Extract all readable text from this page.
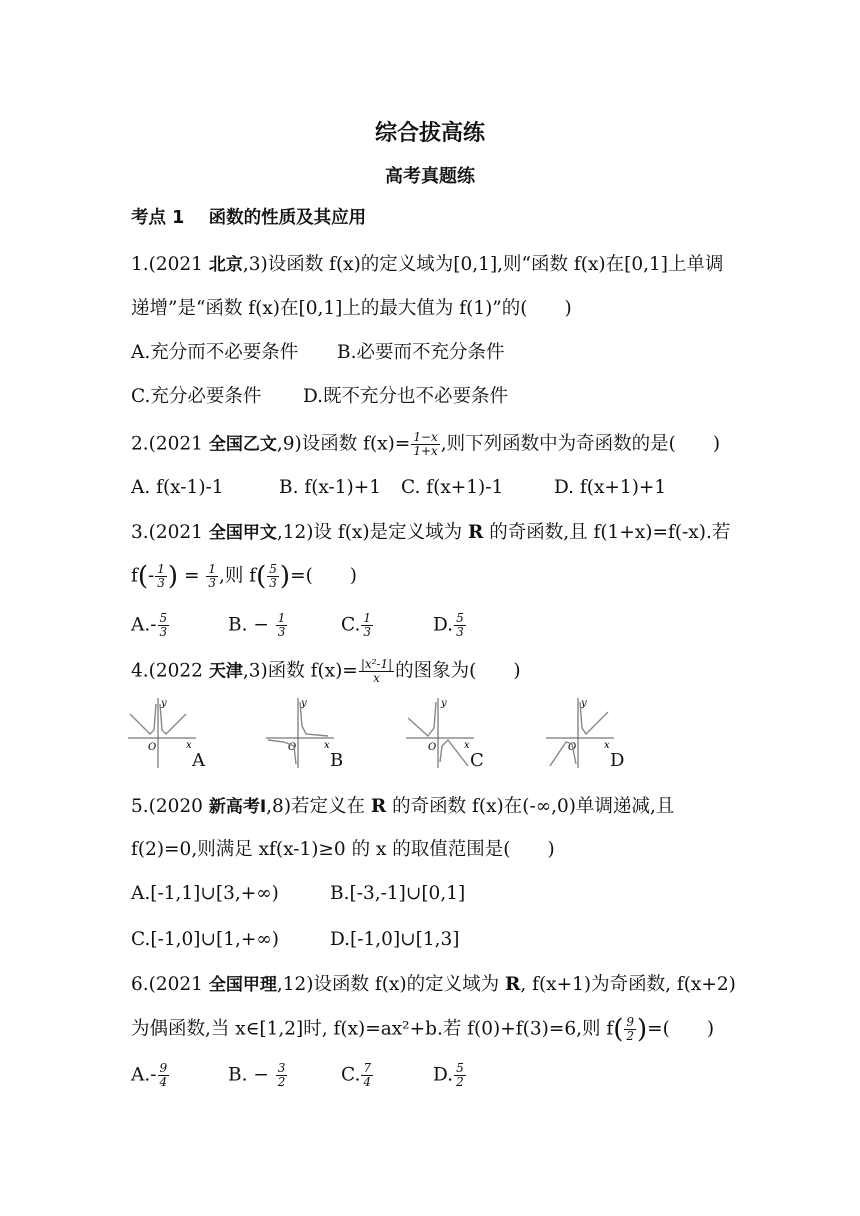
综合拔高练
高考真题练
考点 1 函数的性质及其应用
1.(2021 北京,3)设函数 f(x)的定义域为[0,1],则“函数 f(x)在[0,1]上单调
递增”是“函数 f(x)在[0,1]上的最大值为 f(1)”的(　　)
A.充分而不必要条件 B.必要而不充分条件
C.充分必要条件 D.既不充分也不必要条件
2.(2021 全国乙文,9)设函数 $f(x)= \frac{1-x}{1+x}$ ,则下列函数中为奇函数的是(　　)
A. f(x-1)-1	B. f(x-1)+1 C. f(x+1)-1	D. f(x+1)+1
3.(2021 全国甲文,12)设 f(x)是定义域为 R 的奇函数,且 f(1+x)=f(-x).若
$f(- \frac{1}{3}$ ) = $\frac{1}{3}$ ,则 $f( \frac{5}{3}$ )=(　　)
$A.- \frac{5}{3}$	B. − $\frac{1}{3}$	C. $\frac{1}{3}$	D. $\frac{5}{3}$
4.(2022 天津,3)函数 $f(x)= \frac{\text{|x²-1|}}{x}$ 的图象为(　　)
y
x
O
A
y
x
O
B
y
x
O
C
y
x
O
D
5.(2020 新高考Ⅰ,8)若定义在 R 的奇函数 f(x)在(-∞,0)单调递减,且
f(2)=0,则满足 xf(x-1)≥0 的 x 的取值范围是(　　)
A.[-1,1]∪[3,+∞)	B.[-3,-1]∪[0,1]
C.[-1,0]∪[1,+∞)	D.[-1,0]∪[1,3]
6.(2021 全国甲理,12)设函数 f(x)的定义域为 R, f(x+1)为奇函数, f(x+2)
为偶函数,当 x∈[1,2]时, f(x)=ax²+b.若 f(0)+f(3)=6,则 $f( \frac{9}{2}$ )=(　　)
$A.- \frac{9}{4}$	B. − $\frac{3}{2}$	C. $\frac{7}{4}$	D. $\frac{5}{2}$
